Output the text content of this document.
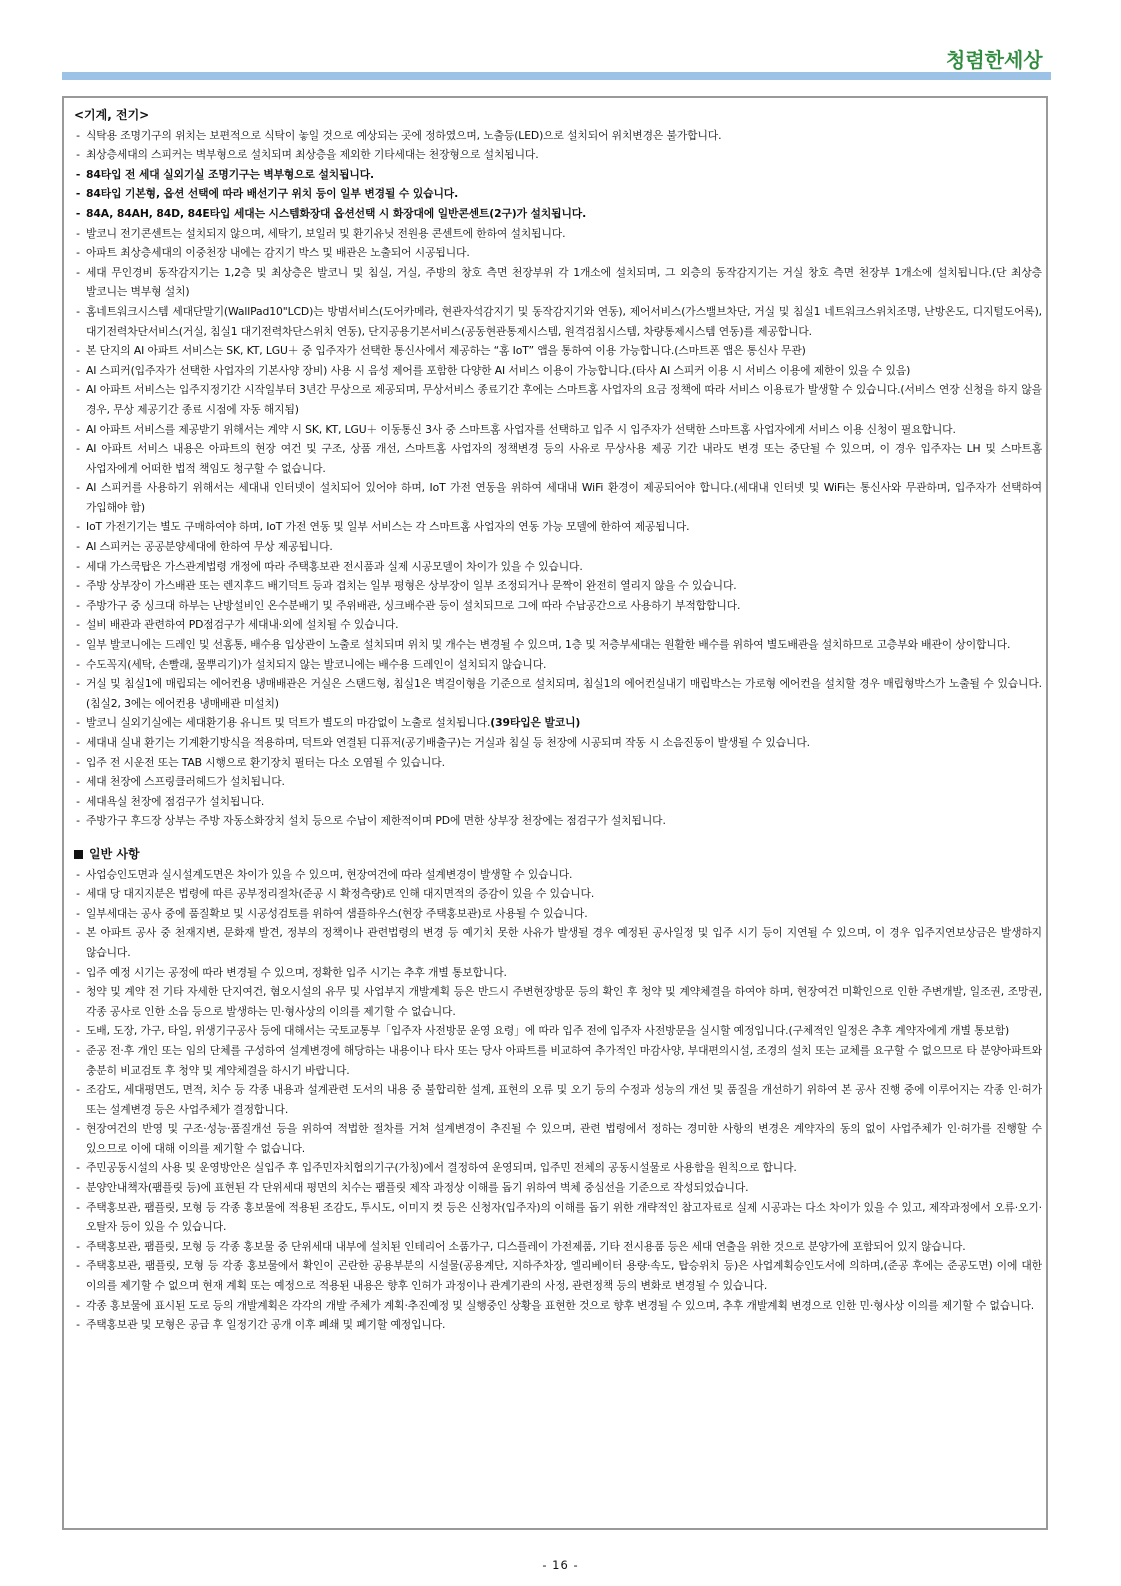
청렴한세상
<기계, 전기>
- 식탁용 조명기구의 위치는 보편적으로 식탁이 놓일 것으로 예상되는 곳에 정하였으며, 노출등(LED)으로 설치되어 위치변경은 불가합니다.
- 최상층세대의 스피커는 벽부형으로 설치되며 최상층을 제외한 기타세대는 천장형으로 설치됩니다.
- 84타입 전 세대 실외기실 조명기구는 벽부형으로 설치됩니다.
- 84타입 기본형, 옵션 선택에 따라 배선기구 위치 등이 일부 변경될 수 있습니다.
- 84A, 84AH, 84D, 84E타입 세대는 시스템화장대 옵션선택 시 화장대에 일반콘센트(2구)가 설치됩니다.
- 발코니 전기콘센트는 설치되지 않으며, 세탁기, 보일러 및 환기유닛 전원용 콘센트에 한하여 설치됩니다.
- 아파트 최상층세대의 이중천장 내에는 감지기 박스 및 배관은 노출되어 시공됩니다.
- 세대 무인경비 동작감지기는 1,2층 및 최상층은 발코니 및 침실, 거실, 주방의 창호 측면 천장부위 각 1개소에 설치되며, 그 외층의 동작감지기는 거실 창호 측면 천장부 1개소에 설치됩니다.(단 최상층 발코니는 벽부형 설치)
- 홈네트워크시스템 세대단말기(WallPad10"LCD)는 방범서비스(도어카메라, 현관자석감지기 및 동작감지기와 연동), 제어서비스(가스밸브차단, 거실 및 침실1 네트워크스위치조명, 난방온도, 디지털도어록), 대기전력차단서비스(거실, 침실1 대기전력차단스위치 연동), 단지공용기본서비스(공동현관통제시스템, 원격검침시스템, 차량통제시스템 연동)를 제공합니다.
- 본 단지의 AI 아파트 서비스는 SK, KT, LGU＋ 중 입주자가 선택한 통신사에서 제공하는 “홈 IoT” 앱을 통하여 이용 가능합니다.(스마트폰 앱은 통신사 무관)
- AI 스피커(입주자가 선택한 사업자의 기본사양 장비) 사용 시 음성 제어를 포함한 다양한 AI 서비스 이용이 가능합니다.(타사 AI 스피커 이용 시 서비스 이용에 제한이 있을 수 있음)
- AI 아파트 서비스는 입주지정기간 시작일부터 3년간 무상으로 제공되며, 무상서비스 종료기간 후에는 스마트홈 사업자의 요금 정책에 따라 서비스 이용료가 발생할 수 있습니다.(서비스 연장 신청을 하지 않을 경우, 무상 제공기간 종료 시점에 자동 해지됨)
- AI 아파트 서비스를 제공받기 위해서는 계약 시 SK, KT, LGU＋ 이동통신 3사 중 스마트홈 사업자를 선택하고 입주 시 입주자가 선택한 스마트홈 사업자에게 서비스 이용 신청이 필요합니다.
- AI 아파트 서비스 내용은 아파트의 현장 여건 및 구조, 상품 개선, 스마트홈 사업자의 정책변경 등의 사유로 무상사용 제공 기간 내라도 변경 또는 중단될 수 있으며, 이 경우 입주자는 LH 및 스마트홈 사업자에게 어떠한 법적 책임도 청구할 수 없습니다.
- AI 스피커를 사용하기 위해서는 세대내 인터넷이 설치되어 있어야 하며, IoT 가전 연동을 위하여 세대내 WiFi 환경이 제공되어야 합니다.(세대내 인터넷 및 WiFi는 통신사와 무관하며, 입주자가 선택하여 가입해야 함)
- IoT 가전기기는 별도 구매하여야 하며, IoT 가전 연동 및 일부 서비스는 각 스마트홈 사업자의 연동 가능 모델에 한하여 제공됩니다.
- AI 스피커는 공공분양세대에 한하여 무상 제공됩니다.
- 세대 가스쿡탑은 가스관계법령 개정에 따라 주택홍보관 전시품과 실제 시공모델이 차이가 있을 수 있습니다.
- 주방 상부장이 가스배관 또는 렌지후드 배기덕트 등과 겹치는 일부 평형은 상부장이 일부 조정되거나 문짝이 완전히 열리지 않을 수 있습니다.
- 주방가구 중 싱크대 하부는 난방설비인 온수분배기 및 주위배관, 싱크배수관 등이 설치되므로 그에 따라 수납공간으로 사용하기 부적합합니다.
- 설비 배관과 관련하여 PD점검구가 세대내·외에 설치될 수 있습니다.
- 일부 발코니에는 드레인 및 선홈통, 배수용 입상관이 노출로 설치되며 위치 및 개수는 변경될 수 있으며, 1층 및 저층부세대는 원활한 배수를 위하여 별도배관을 설치하므로 고층부와 배관이 상이합니다.
- 수도꼭지(세탁, 손빨래, 물뿌리기)가 설치되지 않는 발코니에는 배수용 드레인이 설치되지 않습니다.
- 거실 및 침실1에 매립되는 에어컨용 냉매배관은 거실은 스탠드형, 침실1은 벽걸이형을 기준으로 설치되며, 침실1의 에어컨실내기 매립박스는 가로형 에어컨을 설치할 경우 매립형박스가 노출될 수 있습니다.(침실2, 3에는 에어컨용 냉매배관 미설치)
- 발코니 실외기실에는 세대환기용 유니트 및 덕트가 별도의 마감없이 노출로 설치됩니다.(39타입은 발코니)
- 세대내 실내 환기는 기계환기방식을 적용하며, 덕트와 연결된 디퓨저(공기배출구)는 거실과 침실 등 천장에 시공되며 작동 시 소음진동이 발생될 수 있습니다.
- 입주 전 시운전 또는 TAB 시행으로 환기장치 필터는 다소 오염될 수 있습니다.
- 세대 천장에 스프링클러헤드가 설치됩니다.
- 세대욕실 천장에 점검구가 설치됩니다.
- 주방가구 후드장 상부는 주방 자동소화장치 설치 등으로 수납이 제한적이며 PD에 면한 상부장 천장에는 점검구가 설치됩니다.
일반 사항
- 사업승인도면과 실시설계도면은 차이가 있을 수 있으며, 현장여건에 따라 설계변경이 발생할 수 있습니다.
- 세대 당 대지지분은 법령에 따른 공부정리절차(준공 시 확정측량)로 인해 대지면적의 증감이 있을 수 있습니다.
- 일부세대는 공사 중에 품질확보 및 시공성검토를 위하여 샘플하우스(현장 주택홍보관)로 사용될 수 있습니다.
- 본 아파트 공사 중 천재지변, 문화재 발견, 정부의 정책이나 관련법령의 변경 등 예기치 못한 사유가 발생될 경우 예정된 공사일정 및 입주 시기 등이 지연될 수 있으며, 이 경우 입주지연보상금은 발생하지 않습니다.
- 입주 예정 시기는 공정에 따라 변경될 수 있으며, 정확한 입주 시기는 추후 개별 통보합니다.
- 청약 및 계약 전 기타 자세한 단지여건, 혐오시설의 유무 및 사업부지 개발계획 등은 반드시 주변현장방문 등의 확인 후 청약 및 계약체결을 하여야 하며, 현장여건 미확인으로 인한 주변개발, 일조권, 조망권, 각종 공사로 인한 소음 등으로 발생하는 민·형사상의 이의를 제기할 수 없습니다.
- 도배, 도장, 가구, 타일, 위생기구공사 등에 대해서는 국토교통부「입주자 사전방문 운영 요령」에 따라 입주 전에 입주자 사전방문을 실시할 예정입니다.(구체적인 일정은 추후 계약자에게 개별 통보함)
- 준공 전·후 개인 또는 임의 단체를 구성하여 설계변경에 해당하는 내용이나 타사 또는 당사 아파트를 비교하여 추가적인 마감사양, 부대편의시설, 조경의 설치 또는 교체를 요구할 수 없으므로 타 분양아파트와 충분히 비교검토 후 청약 및 계약체결을 하시기 바랍니다.
- 조감도, 세대평면도, 면적, 치수 등 각종 내용과 설계관련 도서의 내용 중 불합리한 설계, 표현의 오류 및 오기 등의 수정과 성능의 개선 및 품질을 개선하기 위하여 본 공사 진행 중에 이루어지는 각종 인·허가 또는 설계변경 등은 사업주체가 결정합니다.
- 현장여건의 반영 및 구조·성능·품질개선 등을 위하여 적법한 절차를 거쳐 설계변경이 추진될 수 있으며, 관련 법령에서 정하는 경미한 사항의 변경은 계약자의 동의 없이 사업주체가 인·허가를 진행할 수 있으므로 이에 대해 이의를 제기할 수 없습니다.
- 주민공동시설의 사용 및 운영방안은 실입주 후 입주민자치협의기구(가칭)에서 결정하여 운영되며, 입주민 전체의 공동시설물로 사용함을 원칙으로 합니다.
- 분양안내책자(팸플릿 등)에 표현된 각 단위세대 평면의 치수는 팸플릿 제작 과정상 이해를 돕기 위하여 벽체 중심선을 기준으로 작성되었습니다.
- 주택홍보관, 팸플릿, 모형 등 각종 홍보물에 적용된 조감도, 투시도, 이미지 컷 등은 신청자(입주자)의 이해를 돕기 위한 개략적인 참고자료로 실제 시공과는 다소 차이가 있을 수 있고, 제작과정에서 오류·오기·오탈자 등이 있을 수 있습니다.
- 주택홍보관, 팸플릿, 모형 등 각종 홍보물 중 단위세대 내부에 설치된 인테리어 소품가구, 디스플레이 가전제품, 기타 전시용품 등은 세대 연출을 위한 것으로 분양가에 포함되어 있지 않습니다.
- 주택홍보관, 팸플릿, 모형 등 각종 홍보물에서 확인이 곤란한 공용부분의 시설물(공용계단, 지하주차장, 엘리베이터 용량·속도, 탑승위치 등)은 사업계획승인도서에 의하며,(준공 후에는 준공도면) 이에 대한 이의를 제기할 수 없으며 현재 계획 또는 예정으로 적용된 내용은 향후 인허가 과정이나 관계기관의 사정, 관련정책 등의 변화로 변경될 수 있습니다.
- 각종 홍보물에 표시된 도로 등의 개발계획은 각각의 개발 주체가 계획·추진예정 및 실행중인 상황을 표현한 것으로 향후 변경될 수 있으며, 추후 개발계획 변경으로 인한 민·형사상 이의를 제기할 수 없습니다.
- 주택홍보관 및 모형은 공급 후 일정기간 공개 이후 폐쇄 및 폐기할 예정입니다.
- 16 -
